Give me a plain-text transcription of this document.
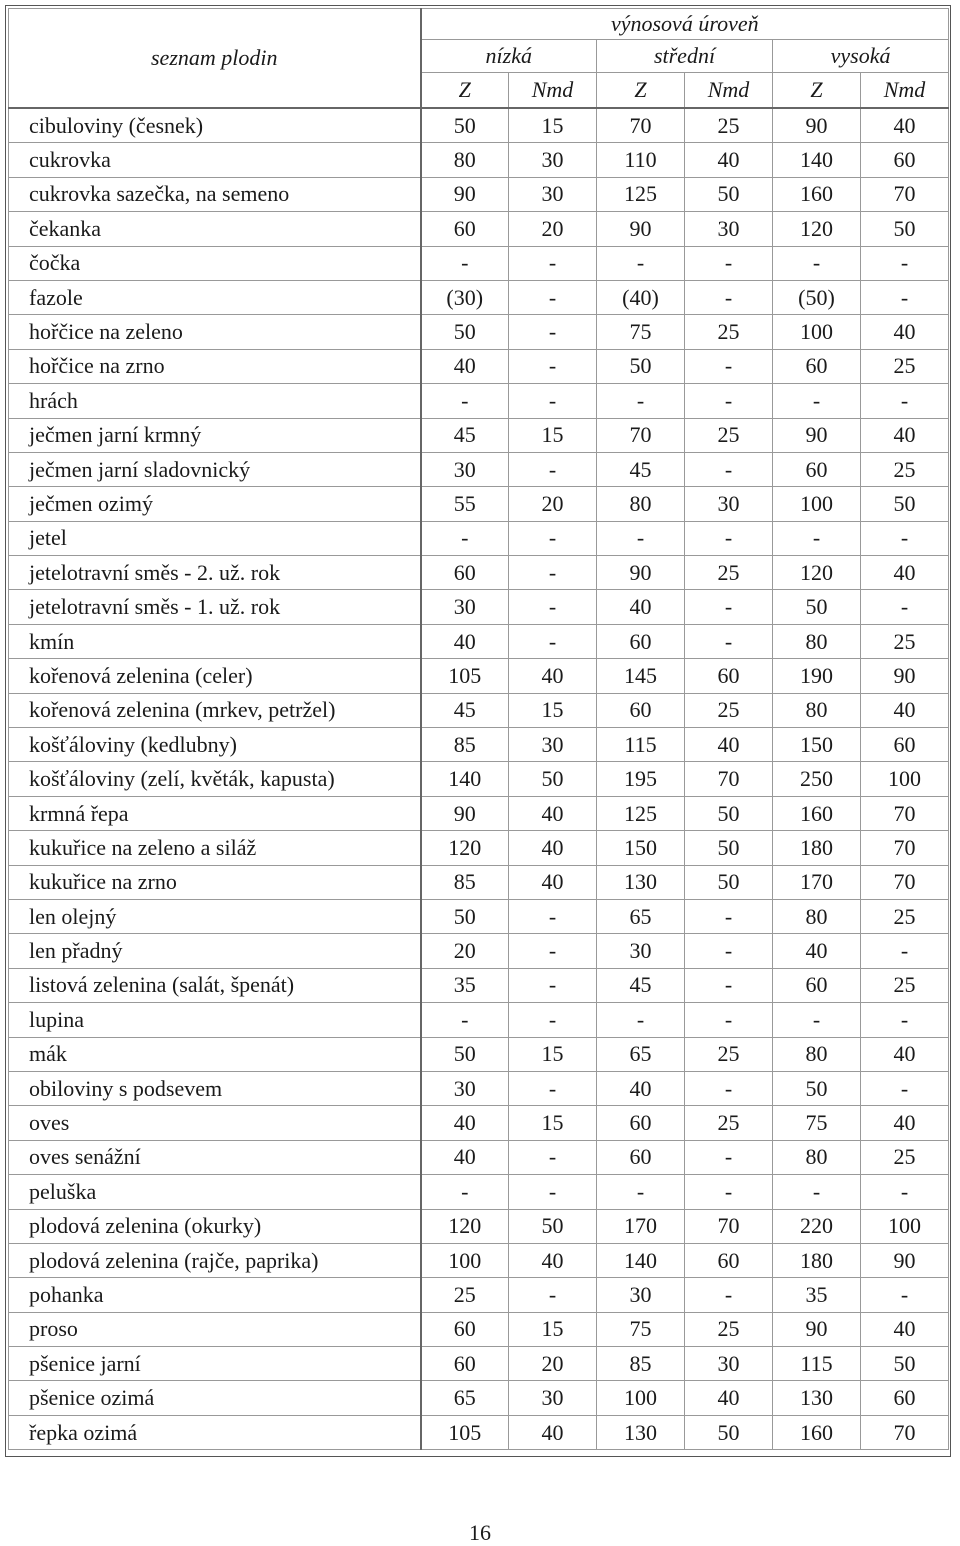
seznam plodin	výnosová úroveň					
	nízká		střední		vysoká	
	Z	Nmd	Z	Nmd	Z	Nmd
cibuloviny (česnek)	50	15	70	25	90	40
cukrovka	80	30	110	40	140	60
cukrovka sazečka, na semeno	90	30	125	50	160	70
čekanka	60	20	90	30	120	50
čočka	-	-	-	-	-	-
fazole	(30)	-	(40)	-	(50)	-
hořčice na zeleno	50	-	75	25	100	40
hořčice na zrno	40	-	50	-	60	25
hrách	-	-	-	-	-	-
ječmen jarní krmný	45	15	70	25	90	40
ječmen jarní sladovnický	30	-	45	-	60	25
ječmen ozimý	55	20	80	30	100	50
jetel	-	-	-	-	-	-
jetelotravní směs - 2. už. rok	60	-	90	25	120	40
jetelotravní směs - 1. už. rok	30	-	40	-	50	-
kmín	40	-	60	-	80	25
kořenová zelenina (celer)	105	40	145	60	190	90
kořenová zelenina (mrkev, petržel)	45	15	60	25	80	40
košťáloviny (kedlubny)	85	30	115	40	150	60
košťáloviny (zelí, květák, kapusta)	140	50	195	70	250	100
krmná řepa	90	40	125	50	160	70
kukuřice na zeleno a siláž	120	40	150	50	180	70
kukuřice na zrno	85	40	130	50	170	70
len olejný	50	-	65	-	80	25
len přadný	20	-	30	-	40	-
listová zelenina (salát, špenát)	35	-	45	-	60	25
lupina	-	-	-	-	-	-
mák	50	15	65	25	80	40
obiloviny s podsevem	30	-	40	-	50	-
oves	40	15	60	25	75	40
oves senážní	40	-	60	-	80	25
peluška	-	-	-	-	-	-
plodová zelenina (okurky)	120	50	170	70	220	100
plodová zelenina (rajče, paprika)	100	40	140	60	180	90
pohanka	25	-	30	-	35	-
proso	60	15	75	25	90	40
pšenice jarní	60	20	85	30	115	50
pšenice ozimá	65	30	100	40	130	60
řepka ozimá	105	40	130	50	160	70
16
